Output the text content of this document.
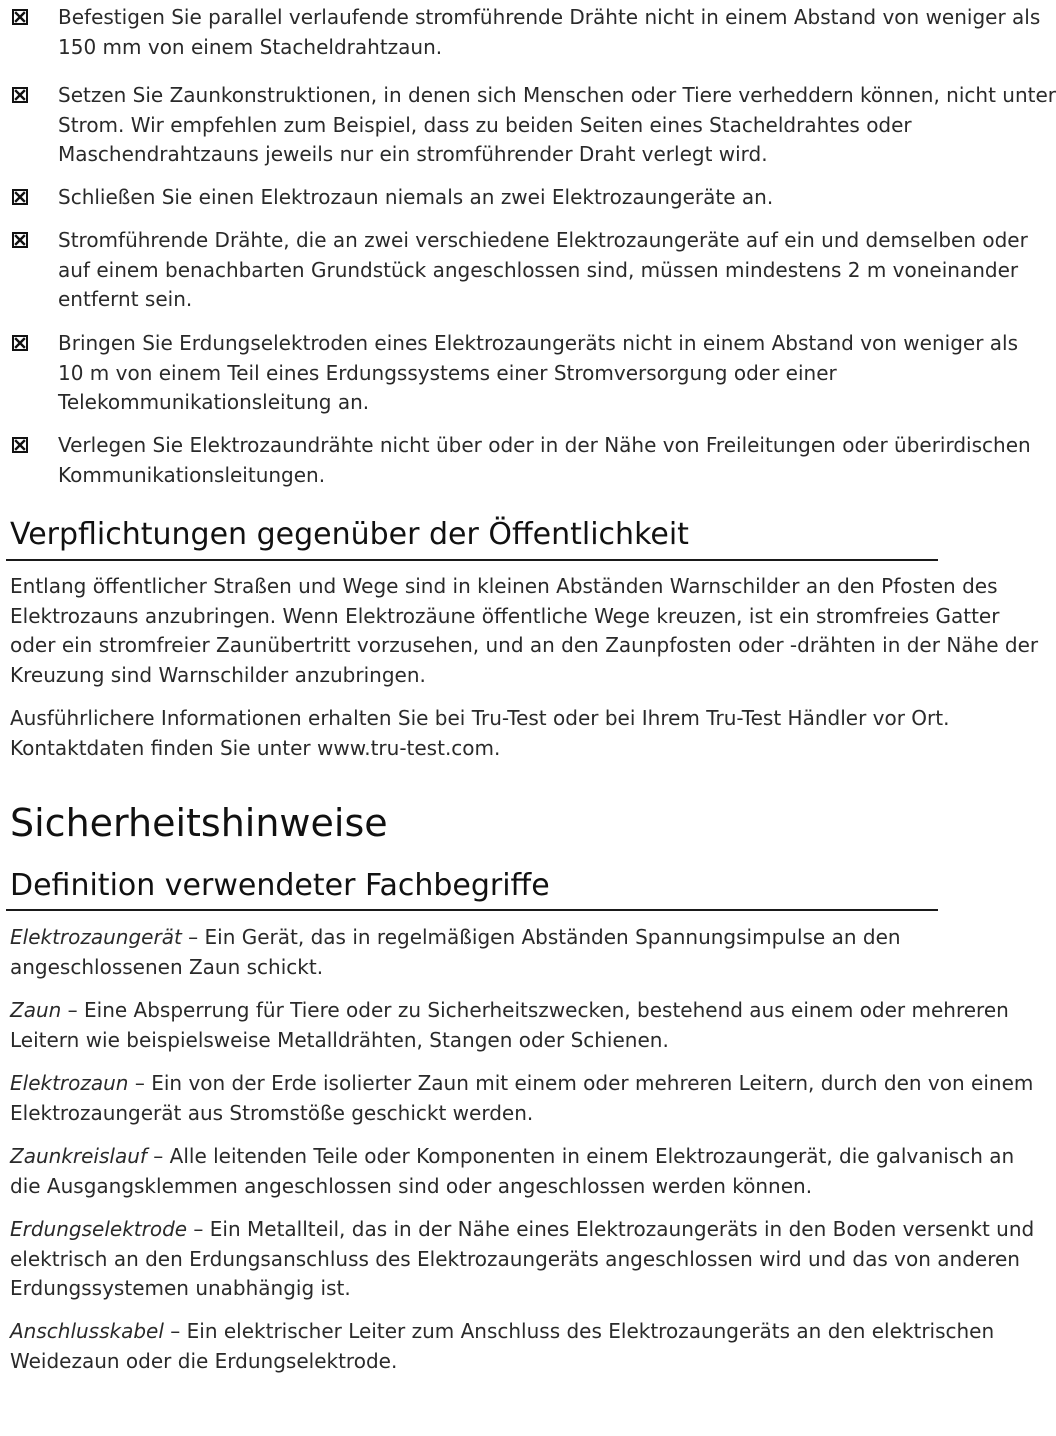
Befestigen Sie parallel verlaufende stromführende Drähte nicht in einem Abstand von weniger als
150 mm von einem Stacheldrahtzaun.

Setzen Sie Zaunkonstruktionen, in denen sich Menschen oder Tiere verheddern können, nicht unter
Strom. Wir empfehlen zum Beispiel, dass zu beiden Seiten eines Stacheldrahtes oder
Maschendrahtzauns jeweils nur ein stromführender Draht verlegt wird.

Schließen Sie einen Elektrozaun niemals an zwei Elektrozaungeräte an.

Stromführende Drähte, die an zwei verschiedene Elektrozaungeräte auf ein und demselben oder
auf einem benachbarten Grundstück angeschlossen sind, müssen mindestens 2 m voneinander
entfernt sein.

Bringen Sie Erdungselektroden eines Elektrozaungeräts nicht in einem Abstand von weniger als
10 m von einem Teil eines Erdungssystems einer Stromversorgung oder einer
Telekommunikationsleitung an.

Verlegen Sie Elektrozaundrähte nicht über oder in der Nähe von Freileitungen oder überirdischen
Kommunikationsleitungen.

Verpflichtungen gegenüber der Öffentlichkeit

Entlang öffentlicher Straßen und Wege sind in kleinen Abständen Warnschilder an den Pfosten des
Elektrozauns anzubringen. Wenn Elektrozäune öffentliche Wege kreuzen, ist ein stromfreies Gatter
oder ein stromfreier Zaunübertritt vorzusehen, und an den Zaunpfosten oder -drähten in der Nähe der
Kreuzung sind Warnschilder anzubringen.

Ausführlichere Informationen erhalten Sie bei Tru-Test oder bei Ihrem Tru-Test Händler vor Ort.
Kontaktdaten finden Sie unter www.tru-test.com.

Sicherheitshinweise
Definition verwendeter Fachbegriffe

Elektrozaungerät – Ein Gerät, das in regelmäßigen Abständen Spannungsimpulse an den
angeschlossenen Zaun schickt.

Zaun – Eine Absperrung für Tiere oder zu Sicherheitszwecken, bestehend aus einem oder mehreren
Leitern wie beispielsweise Metalldrähten, Stangen oder Schienen.

Elektrozaun – Ein von der Erde isolierter Zaun mit einem oder mehreren Leitern, durch den von einem
Elektrozaungerät aus Stromstöße geschickt werden.

Zaunkreislauf – Alle leitenden Teile oder Komponenten in einem Elektrozaungerät, die galvanisch an
die Ausgangsklemmen angeschlossen sind oder angeschlossen werden können.

Erdungselektrode – Ein Metallteil, das in der Nähe eines Elektrozaungeräts in den Boden versenkt und
elektrisch an den Erdungsanschluss des Elektrozaungeräts angeschlossen wird und das von anderen
Erdungssystemen unabhängig ist.

Anschlusskabel – Ein elektrischer Leiter zum Anschluss des Elektrozaungeräts an den elektrischen
Weidezaun oder die Erdungselektrode.
